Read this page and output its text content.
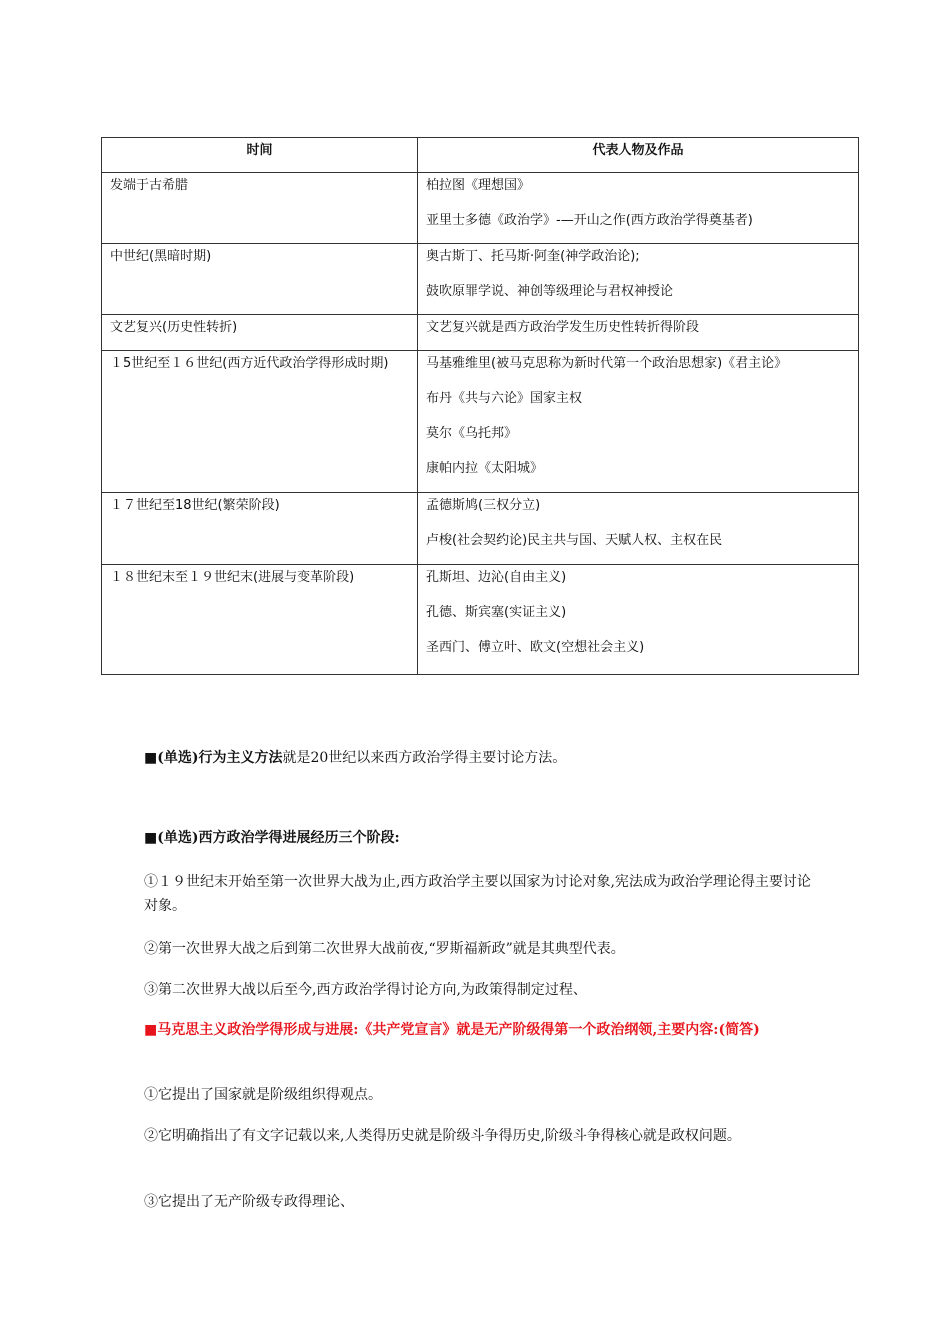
时间	代表人物及作品
发端于古希腊	柏拉图《理想国》

亚里士多德《政治学》-—开山之作(西方政治学得奠基者)

中世纪(黑暗时期)	奥古斯丁、托马斯·阿奎(神学政治论);

鼓吹原罪学说、神创等级理论与君权神授论

文艺复兴(历史性转折)	文艺复兴就是西方政治学发生历史性转折得阶段

１5世纪至１６世纪(西方近代政治学得形成时期)	马基雅维里(被马克思称为新时代第一个政治思想家)《君主论》

布丹《共与六论》国家主权

莫尔《乌托邦》

康帕内拉《太阳城》

１７世纪至18世纪(繁荣阶段)	孟德斯鸠(三权分立)

卢梭(社会契约论)民主共与国、天赋人权、主权在民

１８世纪末至１９世纪末(进展与变革阶段)	孔斯坦、边沁(自由主义)

孔德、斯宾塞(实证主义)

圣西门、傅立叶、欧文(空想社会主义)

■(单选)行为主义方法就是20世纪以来西方政治学得主要讨论方法。
■(单选)西方政治学得进展经历三个阶段:
①１９世纪末开始至第一次世界大战为止,西方政治学主要以国家为讨论对象,宪法成为政治学理论得主要讨论对象。
②第一次世界大战之后到第二次世界大战前夜,“罗斯福新政”就是其典型代表。
③第二次世界大战以后至今,西方政治学得讨论方向,为政策得制定过程、
■马克思主义政治学得形成与进展:《共产党宣言》就是无产阶级得第一个政治纲领,主要内容:(简答)
①它提出了国家就是阶级组织得观点。
②它明确指出了有文字记载以来,人类得历史就是阶级斗争得历史,阶级斗争得核心就是政权问题。
③它提出了无产阶级专政得理论、
